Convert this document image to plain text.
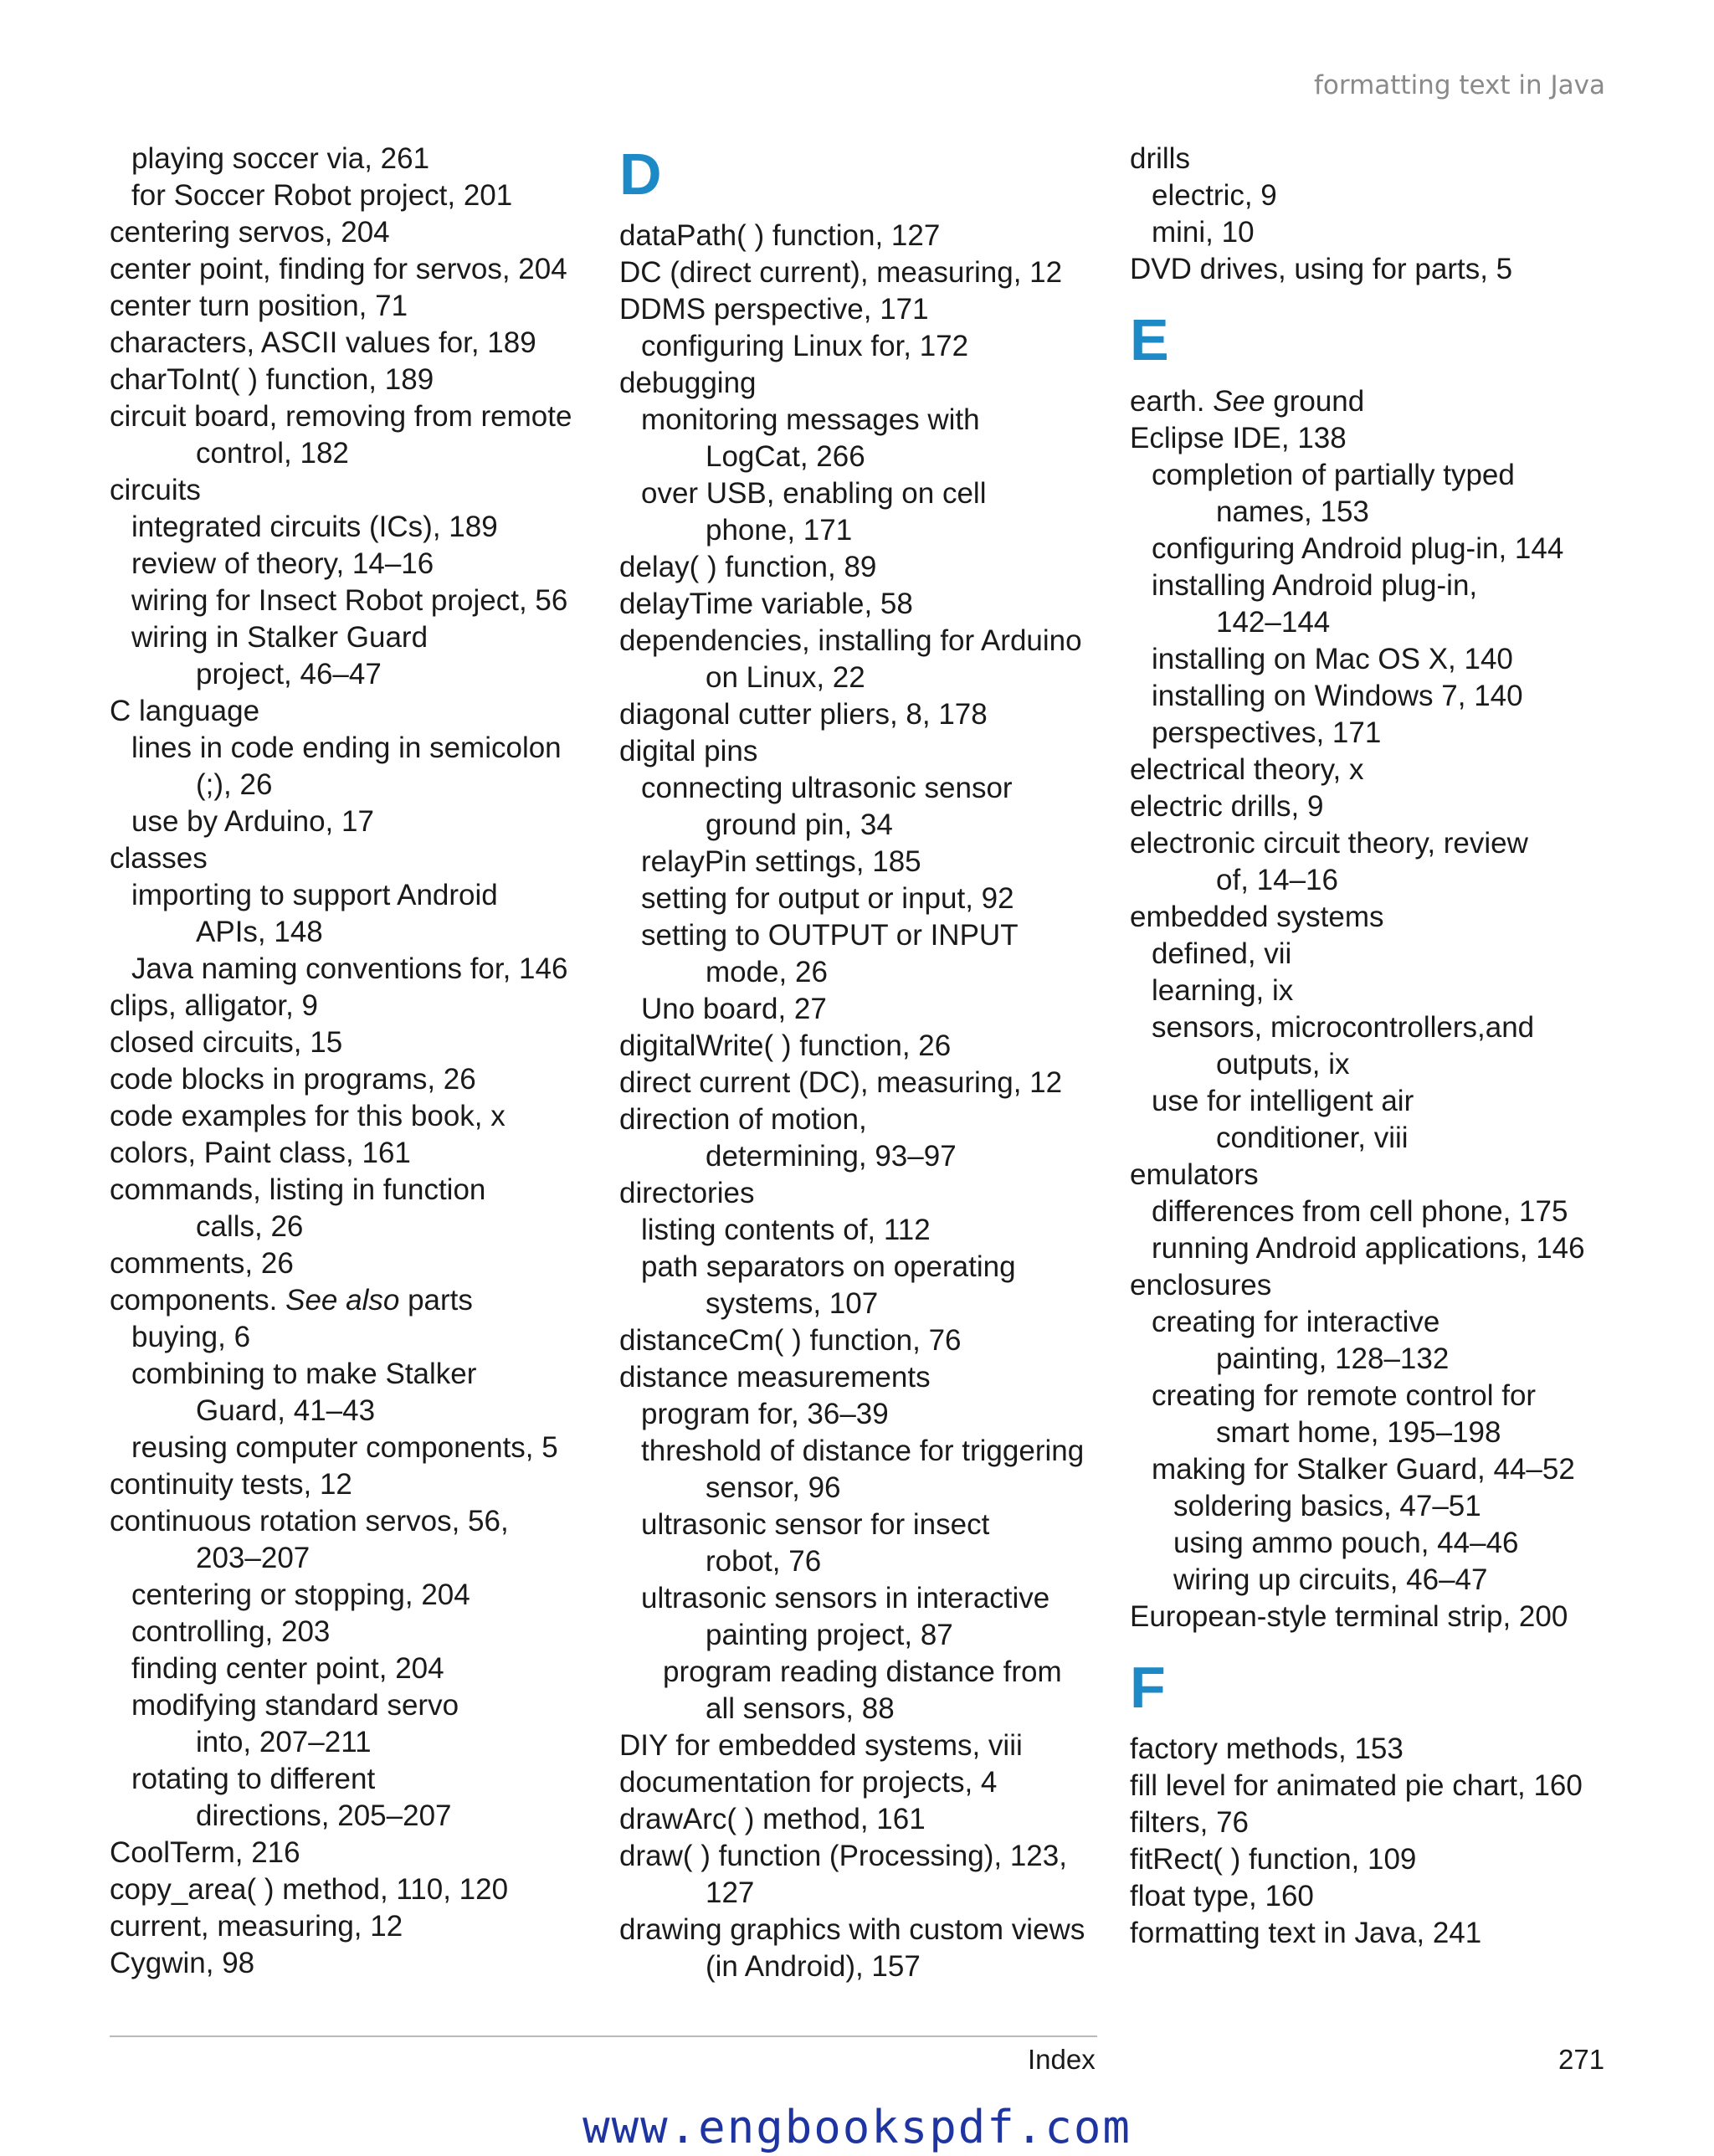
formatting text in Java
playing soccer via, 261
for Soccer Robot project, 201
centering servos, 204
center point, finding for servos, 204
center turn position, 71
characters, ASCII values for, 189
charToInt( ) function, 189
circuit board, removing from remote
control, 182
circuits
integrated circuits (ICs), 189
review of theory, 14–16
wiring for Insect Robot project, 56
wiring in Stalker Guard
project, 46–47
C language
lines in code ending in semicolon
(;), 26
use by Arduino, 17
classes
importing to support Android
APIs, 148
Java naming conventions for, 146
clips, alligator, 9
closed circuits, 15
code blocks in programs, 26
code examples for this book, x
colors, Paint class, 161
commands, listing in function
calls, 26
comments, 26
components. See also parts
buying, 6
combining to make Stalker
Guard, 41–43
reusing computer components, 5
continuity tests, 12
continuous rotation servos, 56,
203–207
centering or stopping, 204
controlling, 203
finding center point, 204
modifying standard servo
into, 207–211
rotating to different
directions, 205–207
CoolTerm, 216
copy_area( ) method, 110, 120
current, measuring, 12
Cygwin, 98
D
dataPath( ) function, 127
DC (direct current), measuring, 12
DDMS perspective, 171
configuring Linux for, 172
debugging
monitoring messages with
LogCat, 266
over USB, enabling on cell
phone, 171
delay( ) function, 89
delayTime variable, 58
dependencies, installing for Arduino
on Linux, 22
diagonal cutter pliers, 8, 178
digital pins
connecting ultrasonic sensor
ground pin, 34
relayPin settings, 185
setting for output or input, 92
setting to OUTPUT or INPUT
mode, 26
Uno board, 27
digitalWrite( ) function, 26
direct current (DC), measuring, 12
direction of motion,
determining, 93–97
directories
listing contents of, 112
path separators on operating
systems, 107
distanceCm( ) function, 76
distance measurements
program for, 36–39
threshold of distance for triggering
sensor, 96
ultrasonic sensor for insect
robot, 76
ultrasonic sensors in interactive
painting project, 87
program reading distance from
all sensors, 88
DIY for embedded systems, viii
documentation for projects, 4
drawArc( ) method, 161
draw( ) function (Processing), 123,
127
drawing graphics with custom views
(in Android), 157
drills
electric, 9
mini, 10
DVD drives, using for parts, 5
E
earth. See ground
Eclipse IDE, 138
completion of partially typed
names, 153
configuring Android plug-in, 144
installing Android plug-in,
142–144
installing on Mac OS X, 140
installing on Windows 7, 140
perspectives, 171
electrical theory, x
electric drills, 9
electronic circuit theory, review
of, 14–16
embedded systems
defined, vii
learning, ix
sensors, microcontrollers,and
outputs, ix
use for intelligent air
conditioner, viii
emulators
differences from cell phone, 175
running Android applications, 146
enclosures
creating for interactive
painting, 128–132
creating for remote control for
smart home, 195–198
making for Stalker Guard, 44–52
soldering basics, 47–51
using ammo pouch, 44–46
wiring up circuits, 46–47
European-style terminal strip, 200
F
factory methods, 153
fill level for animated pie chart, 160
filters, 76
fitRect( ) function, 109
float type, 160
formatting text in Java, 241
Index	271
www.engbookspdf.com
